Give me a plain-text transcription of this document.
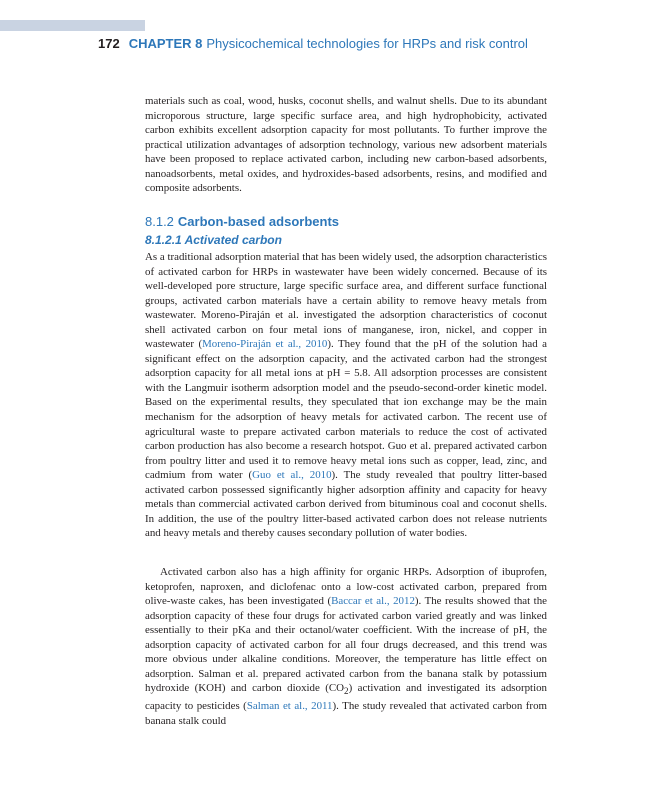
172 CHAPTER 8 Physicochemical technologies for HRPs and risk control

materials such as coal, wood, husks, coconut shells, and walnut shells. Due to its abundant microporous structure, large specific surface area, and high hydrophobicity, activated carbon exhibits excellent adsorption capacity for most pollutants. To further improve the practical utilization advantages of adsorption technology, various new adsorbent materials have been proposed to replace activated carbon, including new carbon-based adsorbents, nanoadsorbents, metal oxides, and hydroxides-based adsorbents, resins, and modified and composite adsorbents.

8.1.2 Carbon-based adsorbents
8.1.2.1 Activated carbon

As a traditional adsorption material that has been widely used, the adsorption characteristics of activated carbon for HRPs in wastewater have been widely concerned. Because of its well-developed pore structure, large specific surface area, and different surface functional groups, activated carbon materials have a certain ability to remove heavy metals from wastewater. Moreno-Piraján et al. investigated the adsorption characteristics of coconut shell activated carbon on four metal ions of manganese, iron, nickel, and copper in wastewater (Moreno-Piraján et al., 2010). They found that the pH of the solution had a significant effect on the adsorption capacity, and the activated carbon had the strongest adsorption capacity for all metal ions at pH = 5.8. All adsorption processes are consistent with the Langmuir isotherm adsorption model and the pseudo-second-order kinetic model. Based on the experimental results, they speculated that ion exchange may be the main mechanism for the adsorption of heavy metals for activated carbon. The recent use of agricultural waste to prepare activated carbon materials to reduce the cost of activated carbon production has also become a research hotspot. Guo et al. prepared activated carbon from poultry litter and used it to remove heavy metal ions such as copper, lead, zinc, and cadmium from water (Guo et al., 2010). The study revealed that poultry litter-based activated carbon possessed significantly higher adsorption affinity and capacity for heavy metals than commercial activated carbon derived from bituminous coal and coconut shells. In addition, the use of the poultry litter-based activated carbon does not release nutrients and heavy metals and thereby causes secondary pollution of water bodies.

Activated carbon also has a high affinity for organic HRPs. Adsorption of ibuprofen, ketoprofen, naproxen, and diclofenac onto a low-cost activated carbon, prepared from olive-waste cakes, has been investigated (Baccar et al., 2012). The results showed that the adsorption capacity of these four drugs for activated carbon varied greatly and was linked essentially to their pKa and their octanol/water coefficient. With the increase of pH, the adsorption capacity of activated carbon for all four drugs decreased, and this trend was more obvious under alkaline conditions. Moreover, the temperature has little effect on adsorption. Salman et al. prepared activated carbon from the banana stalk by potassium hydroxide (KOH) and carbon dioxide $(CO_2)$ activation and investigated its adsorption capacity to pesticides (Salman et al., 2011). The study revealed that activated carbon from banana stalk could
